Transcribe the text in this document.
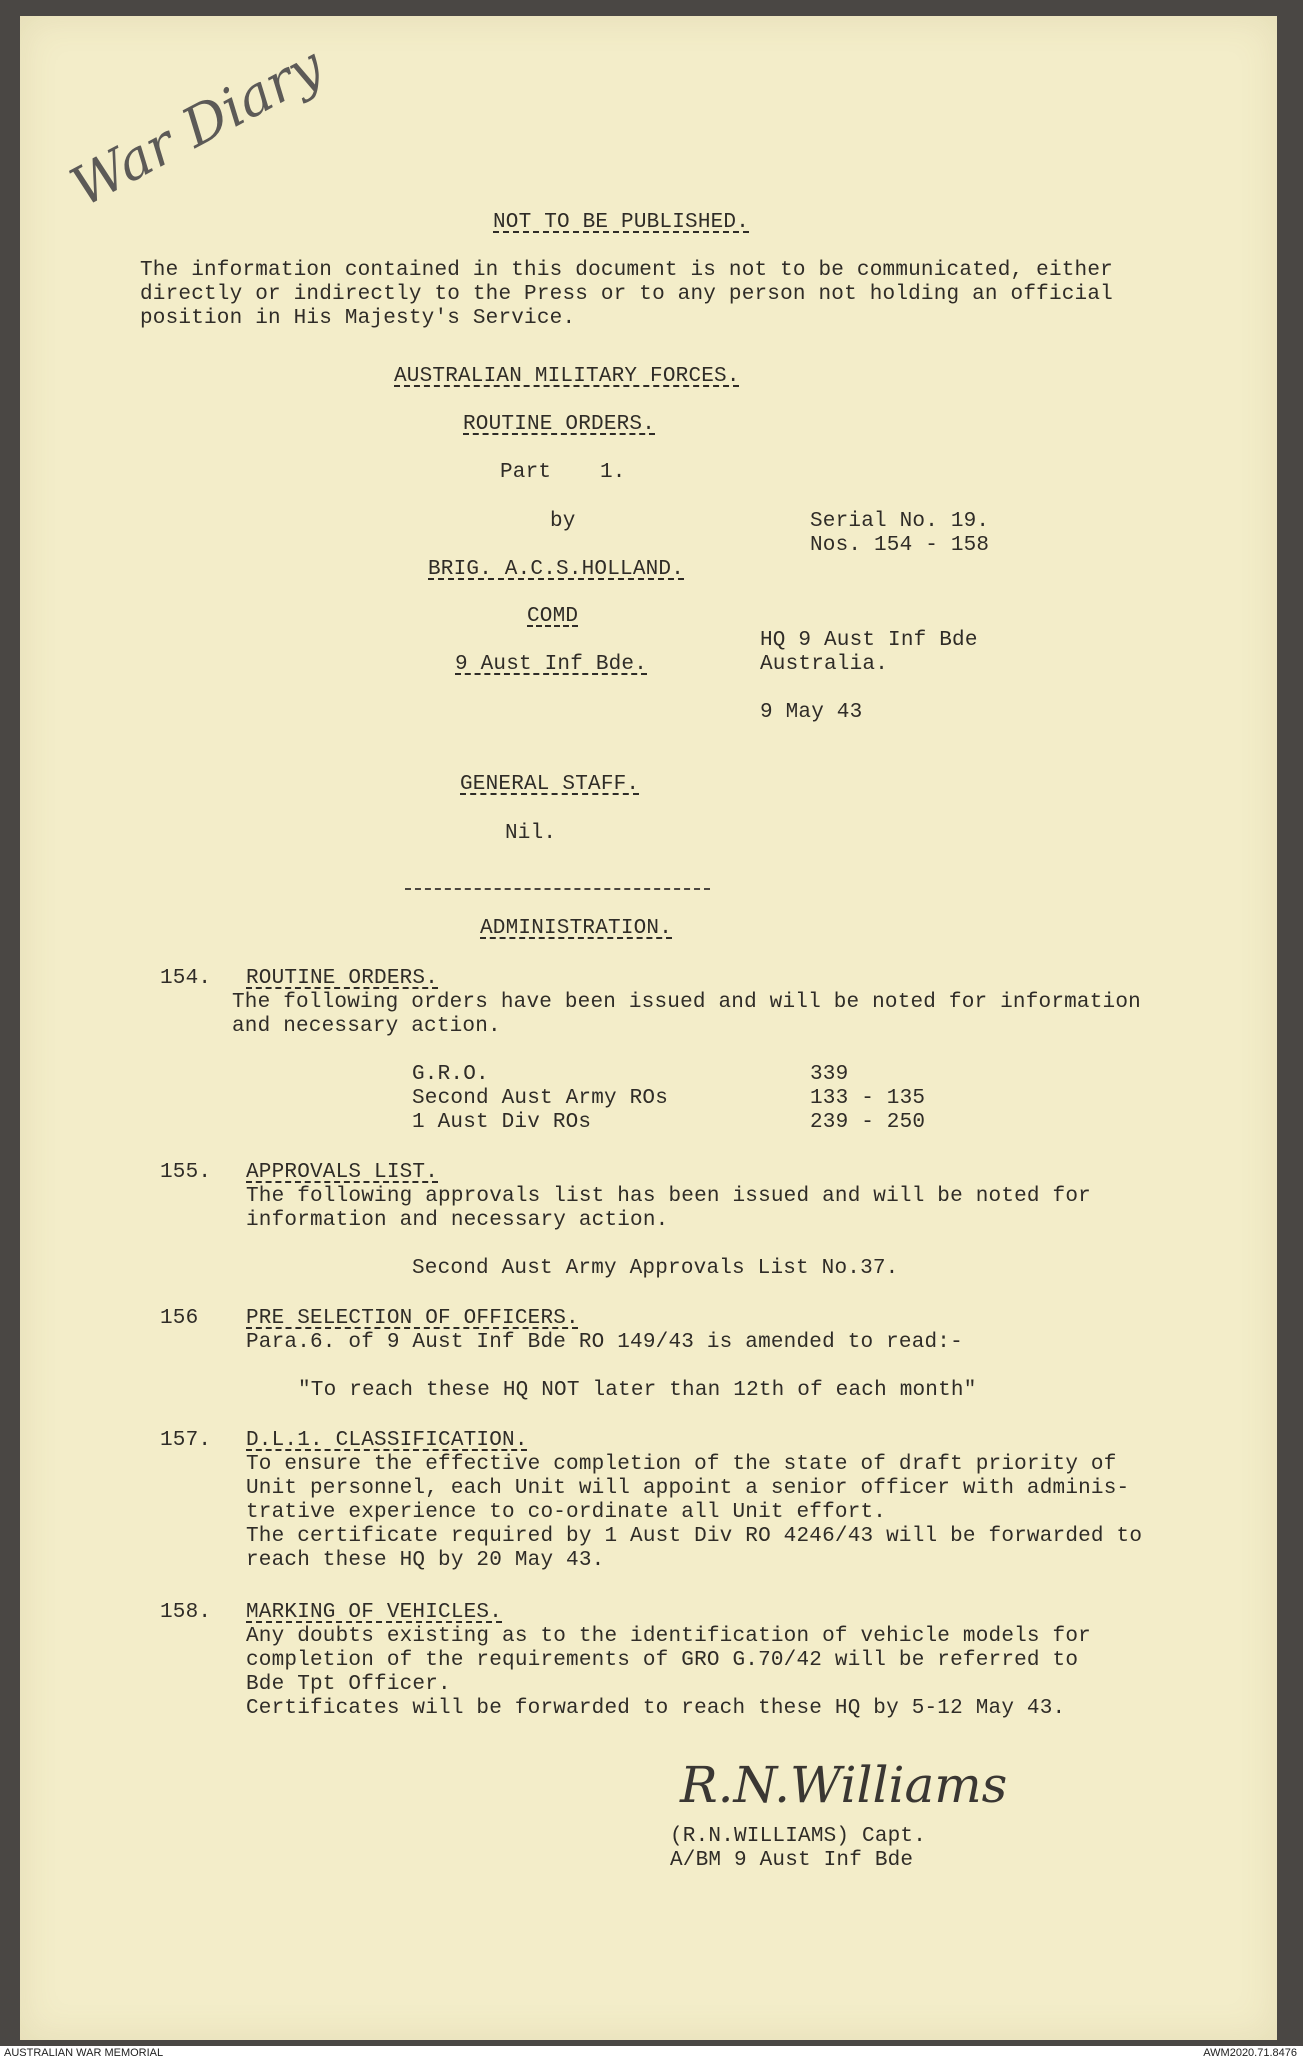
War Diary
NOT TO BE PUBLISHED.
The information contained in this document is not to be communicated, either
directly or indirectly to the Press or to any person not holding an official
position in His Majesty's Service.
AUSTRALIAN MILITARY FORCES.
ROUTINE ORDERS.
Part 1.
by
BRIG. A.C.S.HOLLAND.
COMD
9 Aust Inf Bde.
Serial No. 19.
Nos. 154 - 158
HQ 9 Aust Inf Bde
Australia.
9 May 43
GENERAL STAFF.
Nil.
ADMINISTRATION.
154. ROUTINE ORDERS.
The following orders have been issued and will be noted for information
and necessary action.
G.R.O.	339
Second Aust Army ROs	133 - 135
1 Aust Div ROs	239 - 250
155. APPROVALS LIST.
The following approvals list has been issued and will be noted for
information and necessary action.
Second Aust Army Approvals List No.37.
156 PRE SELECTION OF OFFICERS.
Para.6. of 9 Aust Inf Bde RO 149/43 is amended to read:-
"To reach these HQ NOT later than 12th of each month"
157. D.L.1. CLASSIFICATION.
To ensure the effective completion of the state of draft priority of
Unit personnel, each Unit will appoint a senior officer with adminis-
trative experience to co-ordinate all Unit effort.
The certificate required by 1 Aust Div RO 4246/43 will be forwarded to
reach these HQ by 20 May 43.
158. MARKING OF VEHICLES.
Any doubts existing as to the identification of vehicle models for
completion of the requirements of GRO G.70/42 will be referred to
Bde Tpt Officer.
Certificates will be forwarded to reach these HQ by 5-12 May 43.
R.N.Williams
(R.N.WILLIAMS) Capt.
A/BM 9 Aust Inf Bde
AUSTRALIAN WAR MEMORIAL	AWM2020.71.8476
